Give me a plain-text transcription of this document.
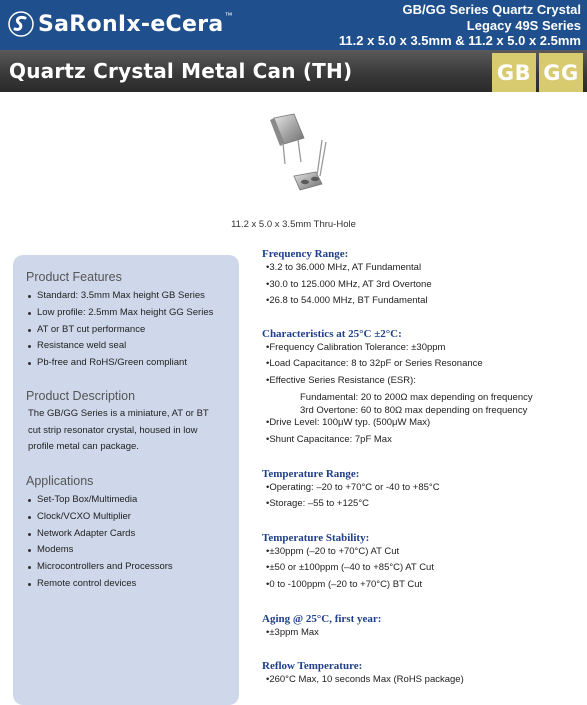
SaRonIx-eCera ™	GB/GG Series Quartz Crystal
Legacy 49S Series
11.2 x 5.0 x 3.5mm & 11.2 x 5.0 x 2.5mm
Quartz Crystal Metal Can (TH)	GB GG
11.2 x 5.0 x 3.5mm Thru-Hole
Product Features
Standard: 3.5mm Max height GB Series
Low profile: 2.5mm Max height GG Series
AT or BT cut performance
Resistance weld seal
Pb-free and RoHS/Green compliant
Product Description
The GB/GG Series is a miniature, AT or BT
cut strip resonator crystal, housed in low
profile metal can package.
Applications
Set-Top Box/Multimedia
Clock/VCXO Multiplier
Network Adapter Cards
Modems
Microcontrollers and Processors
Remote control devices
Frequency Range:
•3.2 to 36.000 MHz, AT Fundamental
•30.0 to 125.000 MHz, AT 3rd Overtone
•26.8 to 54.000 MHz, BT Fundamental
Characteristics at 25°C ±2°C:
•Frequency Calibration Tolerance: ±30ppm
•Load Capacitance: 8 to 32pF or Series Resonance
•Effective Series Resistance (ESR):
Fundamental: 20 to 200Ω max depending on frequency
3rd Overtone: 60 to 80Ω max depending on frequency
•Drive Level: 100μW typ. (500μW Max)
•Shunt Capacitance: 7pF Max
Temperature Range:
•Operating: –20 to +70°C or -40 to +85°C
•Storage: –55 to +125°C
Temperature Stability:
•±30ppm (–20 to +70°C) AT Cut
•±50 or ±100ppm (–40 to +85°C) AT Cut
•0 to -100ppm (–20 to +70°C) BT Cut
Aging @ 25°C, first year:
•±3ppm Max
Reflow Temperature:
•260°C Max, 10 seconds Max (RoHS package)
